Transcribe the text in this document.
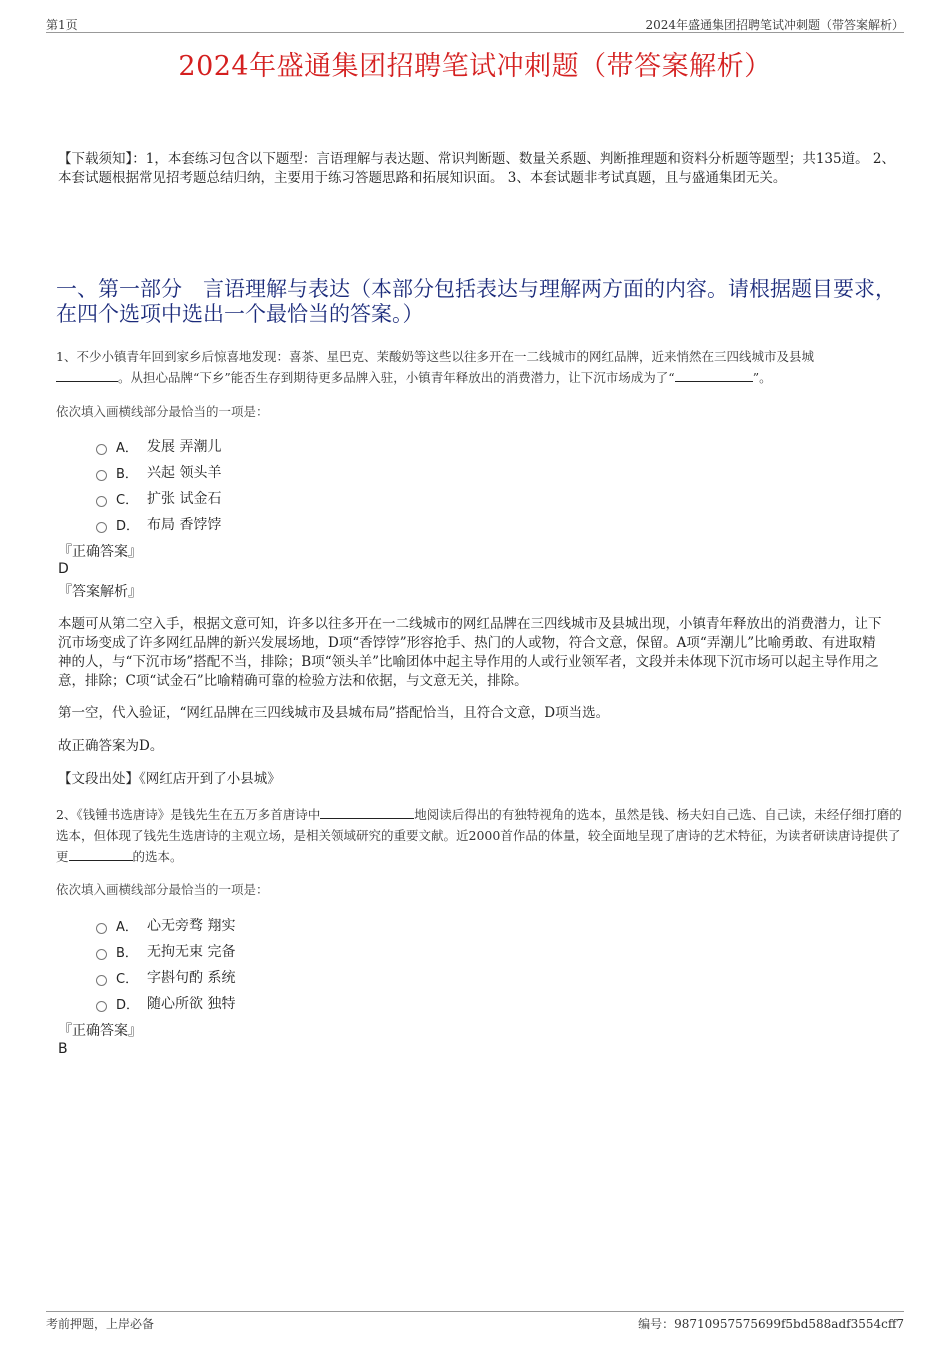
第1页	2024年盛通集团招聘笔试冲刺题（带答案解析）
2024年盛通集团招聘笔试冲刺题（带答案解析）
【下载须知】：1，本套练习包含以下题型：言语理解与表达题、常识判断题、数量关系题、判断推理题和资料分析题等题型；共135道。 2、本套试题根据常见招考题总结归纳，主要用于练习答题思路和拓展知识面。 3、本套试题非考试真题，且与盛通集团无关。
一、第一部分　言语理解与表达（本部分包括表达与理解两方面的内容。请根据题目要求，在四个选项中选出一个最恰当的答案。）
1、不少小镇青年回到家乡后惊喜地发现：喜茶、星巴克、茉酸奶等这些以往多开在一二线城市的网红品牌，近来悄然在三四线城市及县城
。从担心品牌“下乡”能否生存到期待更多品牌入驻，小镇青年释放出的消费潜力，让下沉市场成为了“	”。
依次填入画横线部分最恰当的一项是：
A． 发展 弄潮儿
B． 兴起 领头羊
C． 扩张 试金石
D． 布局 香饽饽
『正确答案』
D
『答案解析』
本题可从第二空入手，根据文意可知，许多以往多开在一二线城市的网红品牌在三四线城市及县城出现，小镇青年释放出的消费潜力，让下沉市场变成了许多网红品牌的新兴发展场地，D项“香饽饽”形容抢手、热门的人或物，符合文意，保留。A项“弄潮儿”比喻勇敢、有进取精神的人，与“下沉市场”搭配不当，排除；B项“领头羊”比喻团体中起主导作用的人或行业领军者，文段并未体现下沉市场可以起主导作用之意，排除；C项“试金石”比喻精确可靠的检验方法和依据，与文意无关，排除。
第一空，代入验证，“网红品牌在三四线城市及县城布局”搭配恰当，且符合文意，D项当选。
故正确答案为D。
【文段出处】《网红店开到了小县城》
2、《钱锺书选唐诗》是钱先生在五万多首唐诗中	地阅读后得出的有独特视角的选本，虽然是钱、杨夫妇自己选、自己读，未经仔细打磨的选本，但体现了钱先生选唐诗的主观立场，是相关领域研究的重要文献。近2000首作品的体量，较全面地呈现了唐诗的艺术特征，为读者研读唐诗提供了更	的选本。
依次填入画横线部分最恰当的一项是：
A． 心无旁骛 翔实
B． 无拘无束 完备
C． 字斟句酌 系统
D． 随心所欲 独特
『正确答案』
B
考前押题，上岸必备	编号：98710957575699f5bd588adf3554cff7
